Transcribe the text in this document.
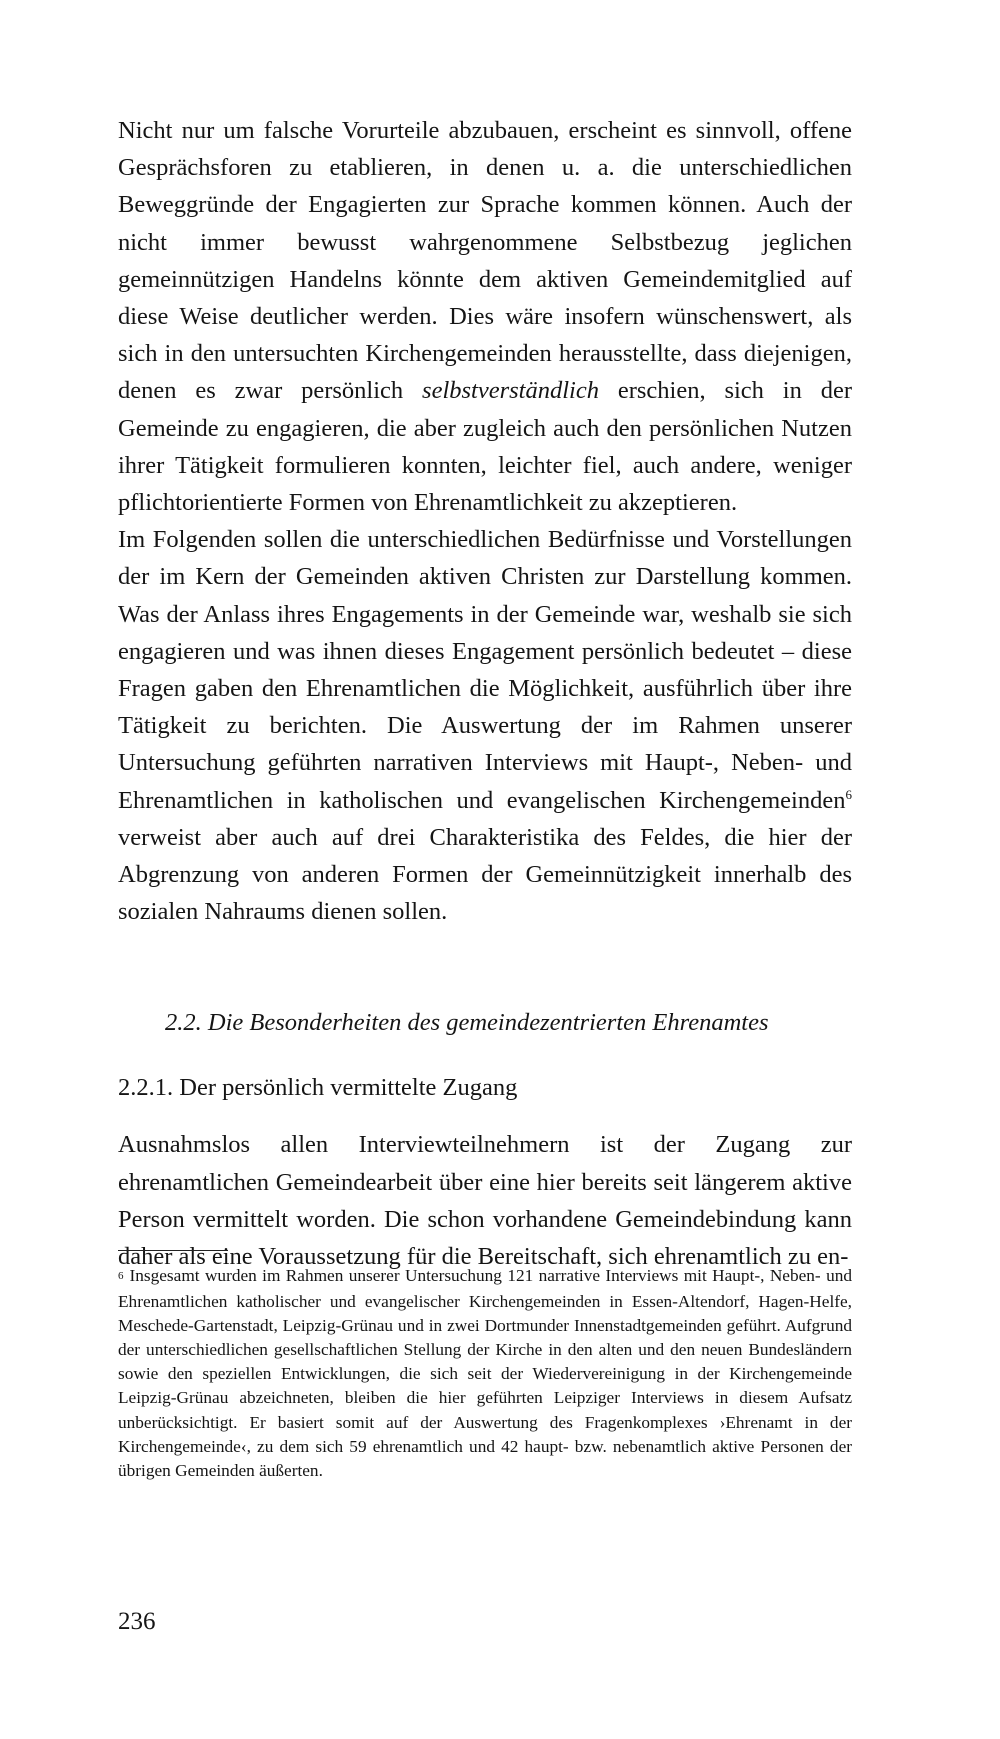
Nicht nur um falsche Vorurteile abzubauen, erscheint es sinnvoll, offene Gesprächsforen zu etablieren, in denen u. a. die unterschiedlichen Beweggründe der Engagierten zur Sprache kommen können. Auch der nicht immer bewusst wahrgenommene Selbstbezug jeglichen gemeinnützigen Handelns könnte dem aktiven Gemeindemitglied auf diese Weise deutlicher werden. Dies wäre insofern wünschenswert, als sich in den untersuchten Kirchengemeinden herausstellte, dass diejenigen, denen es zwar persönlich selbstverständlich erschien, sich in der Gemeinde zu engagieren, die aber zugleich auch den persönlichen Nutzen ihrer Tätigkeit formulieren konnten, leichter fiel, auch andere, weniger pflichtorientierte Formen von Ehrenamtlichkeit zu akzeptieren.

Im Folgenden sollen die unterschiedlichen Bedürfnisse und Vorstellungen der im Kern der Gemeinden aktiven Christen zur Darstellung kommen. Was der Anlass ihres Engagements in der Gemeinde war, weshalb sie sich engagieren und was ihnen dieses Engagement persönlich bedeutet – diese Fragen gaben den Ehrenamtlichen die Möglichkeit, ausführlich über ihre Tätigkeit zu berichten. Die Auswertung der im Rahmen unserer Untersuchung geführten narrativen Interviews mit Haupt-, Neben- und Ehrenamtlichen in katholischen und evangelischen Kirchengemeinden$^6$ verweist aber auch auf drei Charakteristika des Feldes, die hier der Abgrenzung von anderen Formen der Gemeinnützigkeit innerhalb des sozialen Nahraums dienen sollen.

2.2. Die Besonderheiten des gemeindezentrierten Ehrenamtes
2.2.1. Der persönlich vermittelte Zugang

Ausnahmslos allen Interviewteilnehmern ist der Zugang zur ehrenamtlichen Gemeindearbeit über eine hier bereits seit längerem aktive Person vermittelt worden. Die schon vorhandene Gemeindebindung kann daher als eine Voraussetzung für die Bereitschaft, sich ehrenamtlich zu en-

$^6$ Insgesamt wurden im Rahmen unserer Untersuchung 121 narrative Interviews mit Haupt-, Neben- und Ehrenamtlichen katholischer und evangelischer Kirchengemeinden in Essen-Altendorf, Hagen-Helfe, Meschede-Gartenstadt, Leipzig-Grünau und in zwei Dortmunder Innenstadtgemeinden geführt. Aufgrund der unterschiedlichen gesellschaftlichen Stellung der Kirche in den alten und den neuen Bundesländern sowie den speziellen Entwicklungen, die sich seit der Wiedervereinigung in der Kirchengemeinde Leipzig-Grünau abzeichneten, bleiben die hier geführten Leipziger Interviews in diesem Aufsatz unberücksichtigt. Er basiert somit auf der Auswertung des Fragenkomplexes ›Ehrenamt in der Kirchengemeinde‹, zu dem sich 59 ehrenamtlich und 42 haupt- bzw. nebenamtlich aktive Personen der übrigen Gemeinden äußerten.
236
